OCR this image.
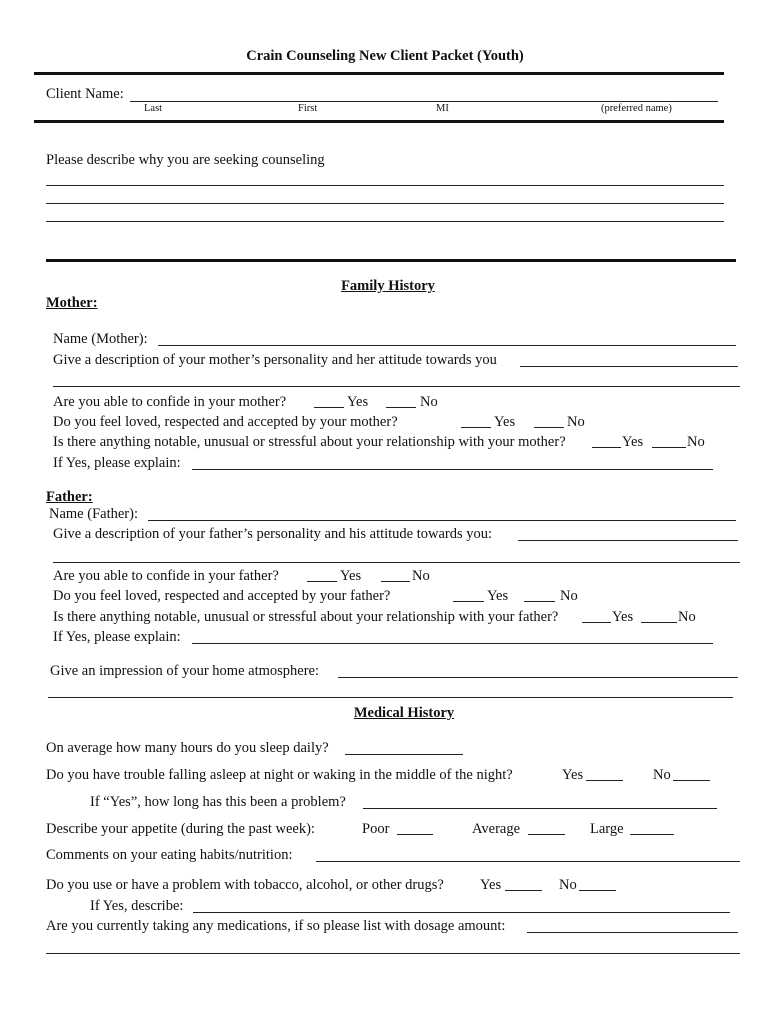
Crain Counseling New Client Packet (Youth)
Client Name:
Last	First	MI	(preferred name)
Please describe why you are seeking counseling
Family History
Mother:
Name (Mother):
Give a description of your mother’s personality and her attitude towards you
Are you able to confide in your mother?	Yes	No
Do you feel loved, respected and accepted by your mother?	Yes	No
Is there anything notable, unusual or stressful about your relationship with your mother?	Yes	No
If Yes, please explain:
Father:
Name (Father):
Give a description of your father’s personality and his attitude towards you:
Are you able to confide in your father?	Yes	No
Do you feel loved, respected and accepted by your father?	Yes	No
Is there anything notable, unusual or stressful about your relationship with your father?	Yes	No
If Yes, please explain:
Give an impression of your home atmosphere:
Medical History
On average how many hours do you sleep daily?
Do you have trouble falling asleep at night or waking in the middle of the night?	Yes	No
If “Yes”, how long has this been a problem?
Describe your appetite (during the past week):	Poor	Average	Large
Comments on your eating habits/nutrition:
Do you use or have a problem with tobacco, alcohol, or other drugs? Yes	No
If Yes, describe:
Are you currently taking any medications, if so please list with dosage amount:
